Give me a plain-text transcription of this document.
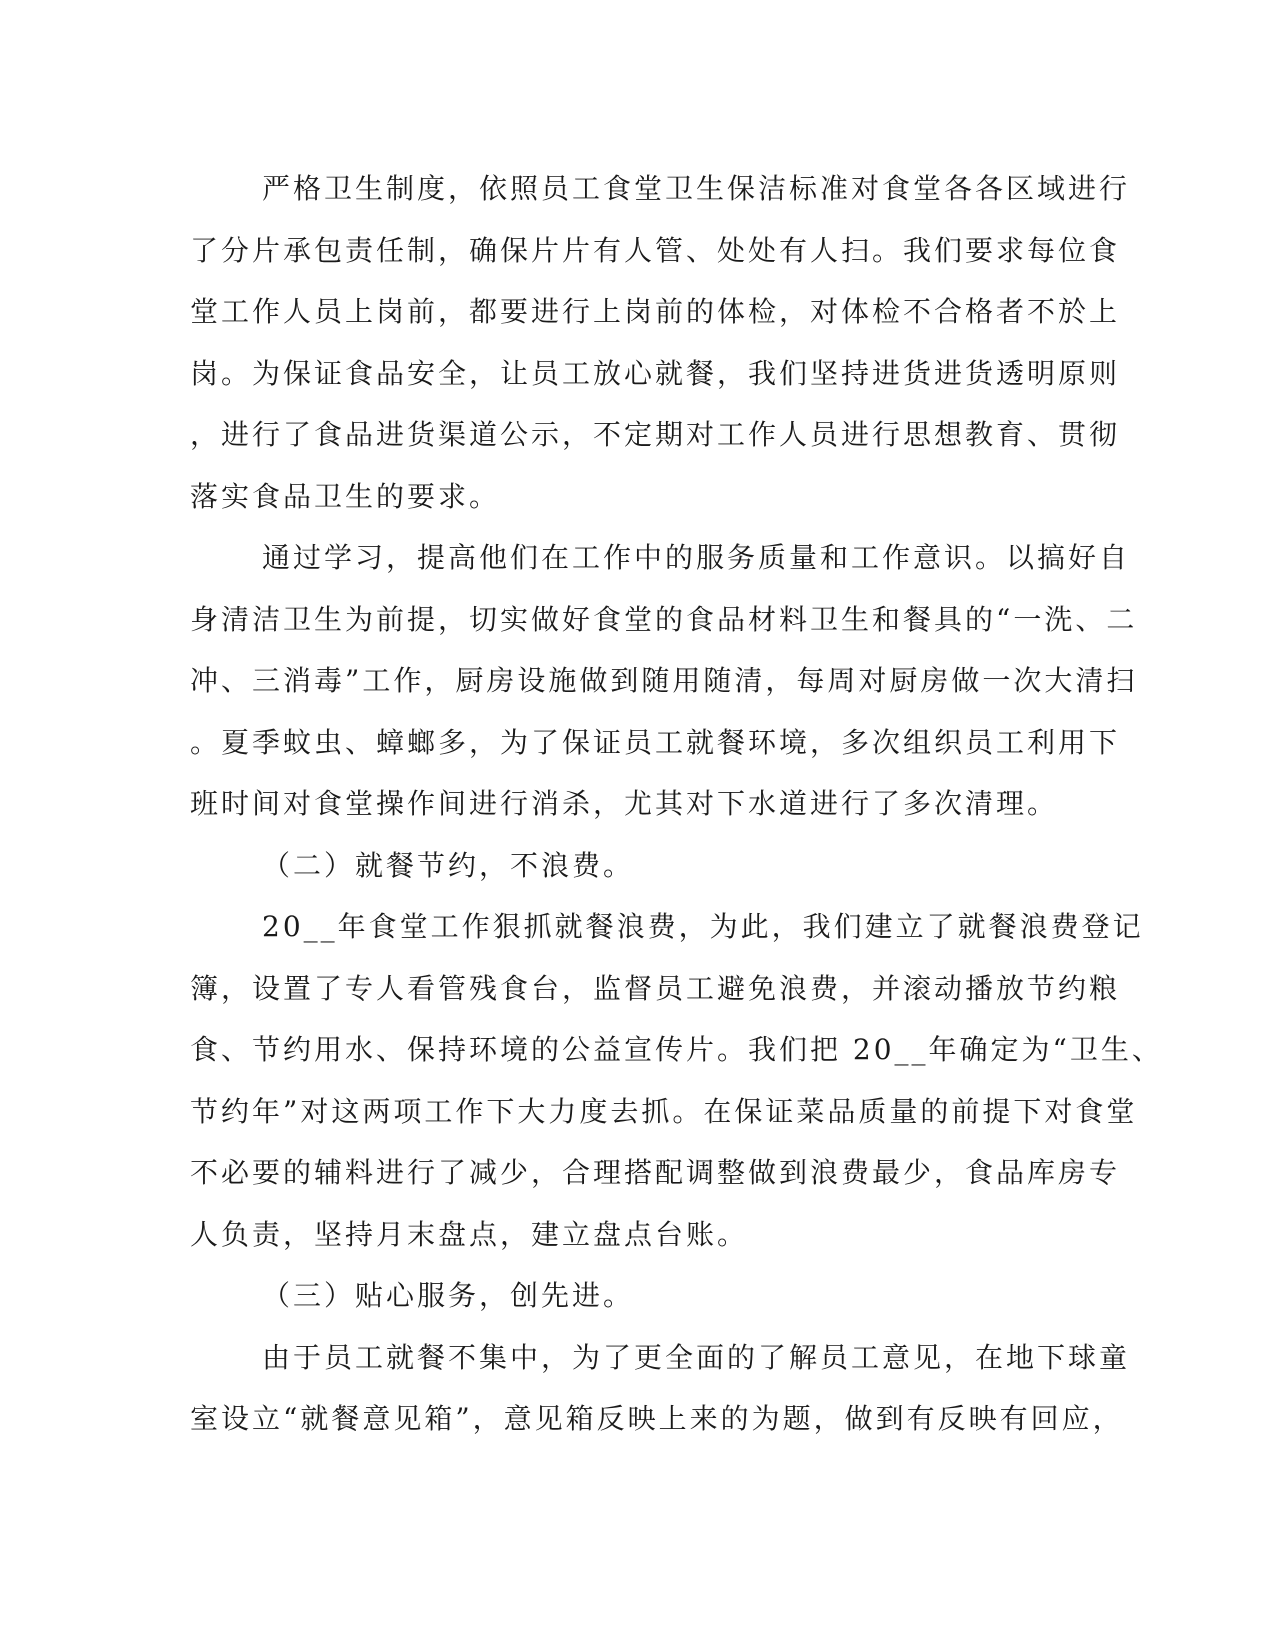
严格卫生制度，依照员工食堂卫生保洁标准对食堂各各区域进行
了分片承包责任制，确保片片有人管、处处有人扫。我们要求每位食
堂工作人员上岗前，都要进行上岗前的体检，对体检不合格者不於上
岗。为保证食品安全，让员工放心就餐，我们坚持进货进货透明原则
，进行了食品进货渠道公示，不定期对工作人员进行思想教育、贯彻
落实食品卫生的要求。
通过学习，提高他们在工作中的服务质量和工作意识。以搞好自
身清洁卫生为前提，切实做好食堂的食品材料卫生和餐具的“一洗、二
冲、三消毒”工作，厨房设施做到随用随清，每周对厨房做一次大清扫
。夏季蚊虫、蟑螂多，为了保证员工就餐环境，多次组织员工利用下
班时间对食堂操作间进行消杀，尤其对下水道进行了多次清理。
（二）就餐节约，不浪费。
20__年食堂工作狠抓就餐浪费，为此，我们建立了就餐浪费登记
簿，设置了专人看管残食台，监督员工避免浪费，并滚动播放节约粮
食、节约用水、保持环境的公益宣传片。我们把 20__年确定为“卫生、
节约年”对这两项工作下大力度去抓。在保证菜品质量的前提下对食堂
不必要的辅料进行了减少，合理搭配调整做到浪费最少，食品库房专
人负责，坚持月末盘点，建立盘点台账。
（三）贴心服务，创先进。
由于员工就餐不集中，为了更全面的了解员工意见，在地下球童
室设立“就餐意见箱”，意见箱反映上来的为题，做到有反映有回应，
